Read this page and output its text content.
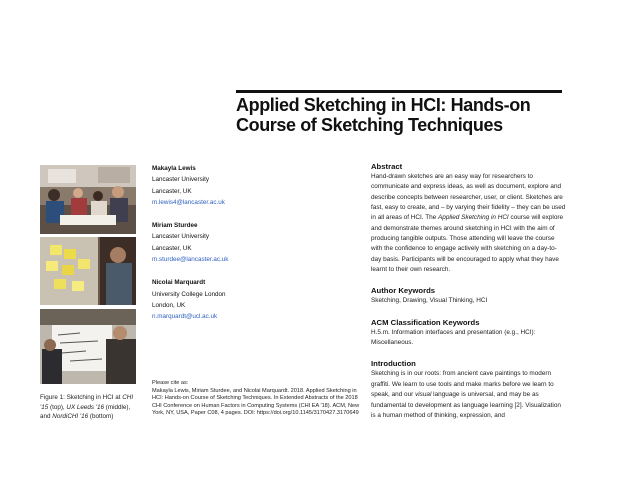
Applied Sketching in HCI: Hands-on
Course of Sketching Techniques
Figure 1: Sketching in HCI at CHI '15 (top), UX Leeds '16 (middle), and NordiCHI '16 (bottom)
Makayla Lewis
Lancaster University
Lancaster, UK
m.lewis4@lancaster.ac.uk
Miriam Sturdee
Lancaster University
Lancaster, UK
m.sturdee@lancaster.ac.uk
Nicolai Marquardt
University College London
London, UK
n.marquardt@ucl.ac.uk
Please cite as:
Makayla Lewis, Miriam Sturdee, and Nicolai Marquardt. 2018. Applied Sketching in HCI: Hands-on Course of Sketching Techniques. In Extended Abstracts of the 2018 CHI Conference on Human Factors in Computing Systems (CHI EA '18). ACM, New York, NY, USA, Paper C08, 4 pages. DOI: https://doi.org/10.1145/3170427.3170649

Abstract

Hand-drawn sketches are an easy way for researchers to communicate and express ideas, as well as document, explore and describe concepts between researcher, user, or client. Sketches are fast, easy to create, and – by varying their fidelity – they can be used in all areas of HCI. The Applied Sketching in HCI course will explore and demonstrate themes around sketching in HCI with the aim of producing tangible outputs. Those attending will leave the course with the confidence to engage actively with sketching on a day-to-day basis. Participants will be encouraged to apply what they have learnt to their own research.

Author Keywords

Sketching, Drawing, Visual Thinking, HCI

ACM Classification Keywords

H.5.m. Information interfaces and presentation (e.g., HCI): Miscellaneous.

Introduction

Sketching is in our roots: from ancient cave paintings to modern graffiti. We learn to use tools and make marks before we learn to speak, and our visual language is universal, and may be as fundamental to development as language learning [2]. Visualization is a human method of thinking, expression, and
